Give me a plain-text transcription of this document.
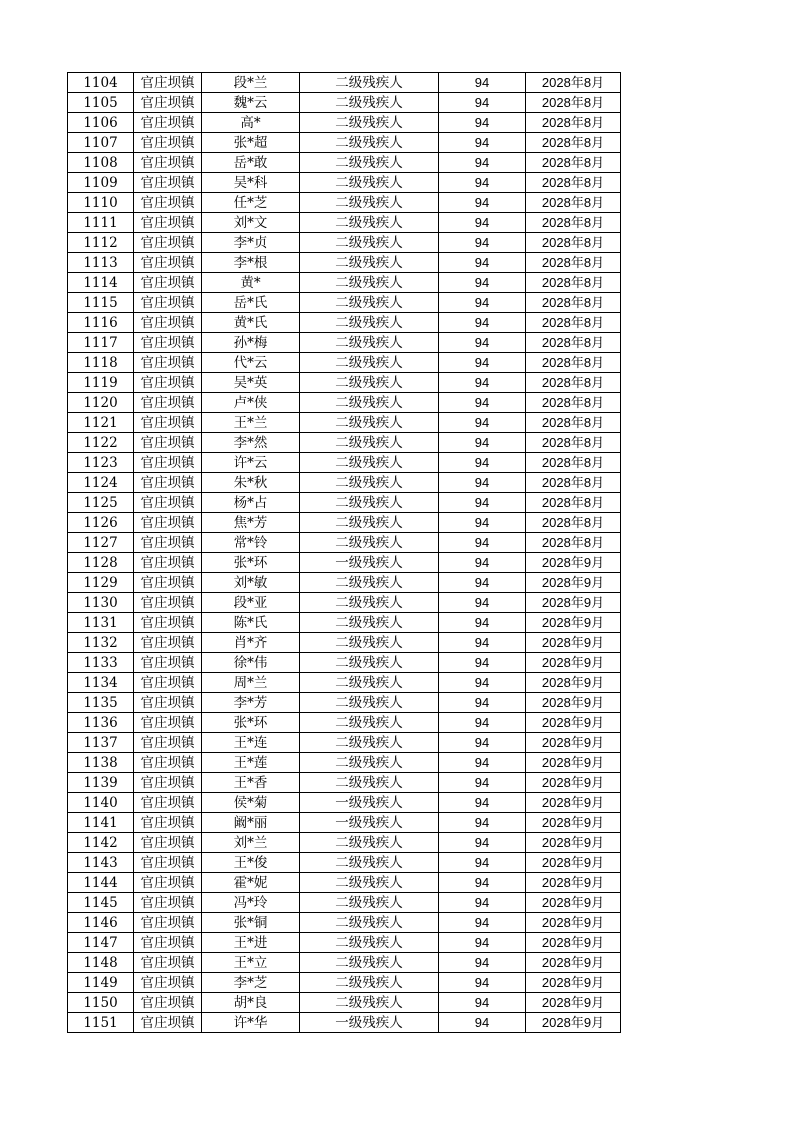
1104	官庄坝镇	段*兰	二级残疾人	94	2028年8月
1105	官庄坝镇	魏*云	二级残疾人	94	2028年8月
1106	官庄坝镇	高*	二级残疾人	94	2028年8月
1107	官庄坝镇	张*超	二级残疾人	94	2028年8月
1108	官庄坝镇	岳*敢	二级残疾人	94	2028年8月
1109	官庄坝镇	吴*科	二级残疾人	94	2028年8月
1110	官庄坝镇	任*芝	二级残疾人	94	2028年8月
1111	官庄坝镇	刘*文	二级残疾人	94	2028年8月
1112	官庄坝镇	李*贞	二级残疾人	94	2028年8月
1113	官庄坝镇	李*根	二级残疾人	94	2028年8月
1114	官庄坝镇	黄*	二级残疾人	94	2028年8月
1115	官庄坝镇	岳*氏	二级残疾人	94	2028年8月
1116	官庄坝镇	黄*氏	二级残疾人	94	2028年8月
1117	官庄坝镇	孙*梅	二级残疾人	94	2028年8月
1118	官庄坝镇	代*云	二级残疾人	94	2028年8月
1119	官庄坝镇	吴*英	二级残疾人	94	2028年8月
1120	官庄坝镇	卢*侠	二级残疾人	94	2028年8月
1121	官庄坝镇	王*兰	二级残疾人	94	2028年8月
1122	官庄坝镇	李*然	二级残疾人	94	2028年8月
1123	官庄坝镇	许*云	二级残疾人	94	2028年8月
1124	官庄坝镇	朱*秋	二级残疾人	94	2028年8月
1125	官庄坝镇	杨*占	二级残疾人	94	2028年8月
1126	官庄坝镇	焦*芳	二级残疾人	94	2028年8月
1127	官庄坝镇	常*铃	二级残疾人	94	2028年8月
1128	官庄坝镇	张*环	一级残疾人	94	2028年9月
1129	官庄坝镇	刘*敏	二级残疾人	94	2028年9月
1130	官庄坝镇	段*亚	二级残疾人	94	2028年9月
1131	官庄坝镇	陈*氏	二级残疾人	94	2028年9月
1132	官庄坝镇	肖*齐	二级残疾人	94	2028年9月
1133	官庄坝镇	徐*伟	二级残疾人	94	2028年9月
1134	官庄坝镇	周*兰	二级残疾人	94	2028年9月
1135	官庄坝镇	李*芳	二级残疾人	94	2028年9月
1136	官庄坝镇	张*环	二级残疾人	94	2028年9月
1137	官庄坝镇	王*连	二级残疾人	94	2028年9月
1138	官庄坝镇	王*莲	二级残疾人	94	2028年9月
1139	官庄坝镇	王*香	二级残疾人	94	2028年9月
1140	官庄坝镇	侯*菊	一级残疾人	94	2028年9月
1141	官庄坝镇	阚*丽	一级残疾人	94	2028年9月
1142	官庄坝镇	刘*兰	二级残疾人	94	2028年9月
1143	官庄坝镇	王*俊	二级残疾人	94	2028年9月
1144	官庄坝镇	霍*妮	二级残疾人	94	2028年9月
1145	官庄坝镇	冯*玲	二级残疾人	94	2028年9月
1146	官庄坝镇	张*铜	二级残疾人	94	2028年9月
1147	官庄坝镇	王*进	二级残疾人	94	2028年9月
1148	官庄坝镇	王*立	二级残疾人	94	2028年9月
1149	官庄坝镇	李*芝	二级残疾人	94	2028年9月
1150	官庄坝镇	胡*良	二级残疾人	94	2028年9月
1151	官庄坝镇	许*华	一级残疾人	94	2028年9月
